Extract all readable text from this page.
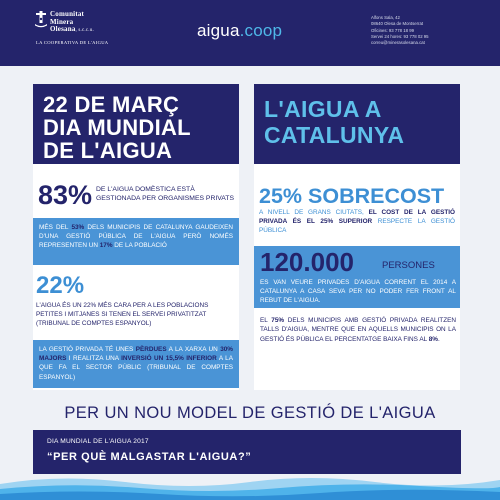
Comunitat
Minera
Olesana, s.c.c.u.
LA COOPERATIVA DE L'AIGUA
aigua.coop
Alfons Sala, 42
08640 Olesa de Montserrat
Oficines: 93 778 18 99
Servei 24 hores: 93 778 02 95
correu@minerasolesana.cat
22 DE MARÇ
DIA MUNDIAL
DE L'AIGUA
83% DE L'AIGUA DOMÈSTICA ESTÀ GESTIONADA PER ORGANISMES PRIVATS
MÉS DEL 53% DELS MUNICIPIS DE CATALUNYA GAUDEIXEN D'UNA GESTIÓ PÚBLICA DE L'AIGUA PERÒ NOMÉS REPRESENTEN UN 17% DE LA POBLACIÓ
22%
L'AIGUA ÉS UN 22% MÉS CARA PER A LES POBLACIONS PETITES I MITJANES SI TENEN EL SERVEI PRIVATITZAT (TRIBUNAL DE COMPTES ESPANYOL)
LA GESTIÓ PRIVADA TÉ UNES PÈRDUES A LA XARXA UN 30% MAJORS I REALITZA UNA INVERSIÓ UN 15,5% INFERIOR A LA QUE FA EL SECTOR PÚBLIC (TRIBUNAL DE COMPTES ESPANYOL)
L'AIGUA A
CATALUNYA
25% SOBRECOST
A NIVELL DE GRANS CIUTATS, EL COST DE LA GESTIÓ PRIVADA ÉS EL 25% SUPERIOR RESPECTE LA GESTIÓ PÚBLICA
120.000	PERSONES
ES VAN VEURE PRIVADES D'AIGUA CORRENT EL 2014 A CATALUNYA A CASA SEVA PER NO PODER FER FRONT AL REBUT DE L'AIGUA.
EL 75% DELS MUNICIPIS AMB GESTIÓ PRIVADA REALITZEN TALLS D'AIGUA, MENTRE QUE EN AQUELLS MUNICIPIS ON LA GESTIÓ ÉS PÚBLICA EL PERCENTATGE BAIXA FINS AL 8%.
PER UN NOU MODEL DE GESTIÓ DE L'AIGUA
DIA MUNDIAL DE L'AIGUA 2017
“PER QUÈ MALGASTAR L'AIGUA?”
